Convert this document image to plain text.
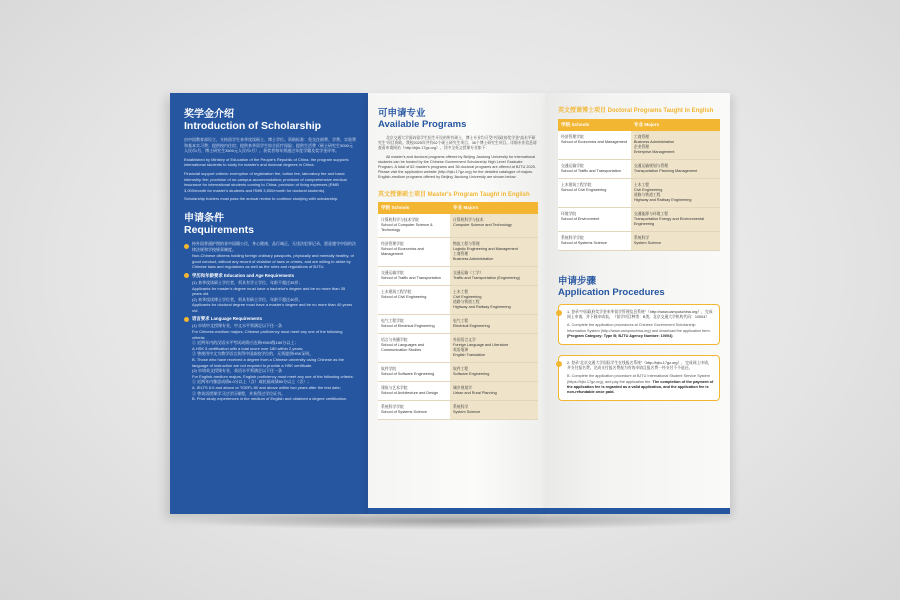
奖学金介绍
Introduction of Scholarship

由中国教育部设立，支持留学生来华攻读硕士、博士学位。资助标准：免交注册费、学费、实验费和基本实习费；提供校内住宿；提供来华留学生综合医疗保险；提供生活费（硕士研究生3000元人民币/月，博士研究生3500元人民币/月）。获奖者每年须通过年度学籍及奖学金评审。

Established by Ministry of Education of the People's Republic of China, the program supports international students to study for master's and doctoral degrees in China.

Financial support criteria: exemption of registration fee, tuition fee, laboratory fee and basic internship fee; provision of on-campus accommodation; provision of comprehensive medical insurance for international students coming to China; provision of living expenses (RMB 3,000/month for master's students and RMB 3,500/month for doctoral students).

Scholarship holders must pass the annual review to continue studying with scholarship.

申请条件
Requirements
持外国普通护照的非中国籍公民，身心健康，品行端正，无违法犯罪记录，愿意遵守中国的法律法规和学校规章制度。

Non-Chinese citizens holding foreign ordinary passports, physically and mentally healthy, of good conduct, without any record of violation of laws or crimes, and are willing to abide by Chinese laws and regulations as well as the rules and regulations of BJTU.

学历和年龄要求 Education and Age Requirements

(1) 来华攻读硕士学位者，须具有学士学位，年龄不超过35岁；

Applicants for master's degree must have a bachelor's degree and be no more than 35 years old.

(2) 来华攻读博士学位者，须具有硕士学位，年龄不超过40岁。

Applicants for doctoral degree must have a master's degree and be no more than 40 years old.

语言要求 Language Requirements

(1) 申请中文授课专业，中文水平须满足以下任一条

For Chinese-medium majors, Chinese proficiency must meet any one of the following criteria:

① 近两年内的汉语水平考试成绩应达到HSK5级180分以上；

A.HSK 5 certification with a total score over 180 within 2 years;

② 曾使用中文为教学语言获得中国高校学位的，无须提供HSK证明。

B. Those who have received a degree from a Chinese university using Chinese as the language of instruction are not required to provide a HSK certificate.

(2) 申请英文授课专业，英语水平须满足以下任一条

For English-medium majors, English proficiency must meet any one of the following criteria:

① 近两年内雅思成绩6.0分以上（含）或托福成绩80分以上（含）；

A. IELTS 6.0 and above or TOEFL 80 and above within two years after the test date;

② 曾英语授课学习过学历课程，并获得过学位证书。

B. Prior study experiences in the medium of English and obtained a degree certification.

可申请专业
Available Programs

北京交通大学面向留学生招生开设的所有硕士、博士专业均可受中国政府奖学金"高水平研究生"项目资助。我校2025年共有62个硕士研究生项目、36个博士研究生项目。详细专业信息请查看申请网站（http://bjtu.17gz.org），其中全英文授课专业如下：

All master's and doctoral programs offered by Beijing Jiaotong University for international students can be funded by the Chinese Government Scholarship High Level Graduate Program. A total of 62 master's programs and 36 doctoral programs are offered at BJTU 2025. Please visit the application website (http://bjtu.17gz.org) for the detailed catalogue of majors. English-medium programs offered by Beijing Jiaotong University are shown below:

英文授课硕士项目 Master's Program Taught in English
学院 Schools	专业 Majors
计算机科学与技术学院
School of Computer Science & Technology	计算机科学与技术
Computer Science and Technology
经济管理学院
School of Economics and Management	物流工程与管理
Logistic Engineering and Management
工商管理
Business Administration
交通运输学院
School of Traffic and Transportation	交通运输（工学）
Traffic and Transportation (Engineering)
土木建筑工程学院
School of Civil Engineering	土木工程
Civil Engineering
道路与铁道工程
Highway and Railway Engineering
电气工程学院
School of Electrical Engineering	电气工程
Electrical Engineering
语言与传播学院
School of Languages and Communication Studies	外国语言文学
Foreign Language and Literature
英语笔译
English Translation
软件学院
School of Software Engineering	软件工程
Software Engineering
建筑与艺术学院
School of Architecture and Design	城乡规划学
Urban and Rural Planning
系统科学学院
School of Systems Science	系统科学
System Science
英文授课博士项目 Doctoral Programs Taught in English
学院 Schools	专业 Majors
经济管理学院
School of Economics and Management	工商管理
Business Administration
企业管理
Enterprise Management
交通运输学院
School of Traffic and Transportation	交通运输规划与管理
Transportation Planning Management
土木建筑工程学院
School of Civil Engineering	土木工程
Civil Engineering
道路与铁道工程
Highway and Railway Engineering
环境学院
School of Environment	交通能源与环境工程
Transportation Energy and Environmental Engineering
系统科学学院
School of Systems Science	系统科学
System Science
申请步骤
Application Procedures

1. 登录"中国政府奖学金来华留学管理信息系统"（http://www.campuschina.org），完成网上申请，并下载申请表。（留学项目种类：B类，北京交通大学机构代码：10004）

A. Complete the application procedures at Chinese Government Scholarship Information System (http://www.campuschina.org) and download the application form.

(Program Category: Type B; BJTU Agency Number: 10004)

2. 登录"北京交通大学国际学生在线报名系统"（http://bjtu.17gz.org），完成网上申请，并支付报名费。完成支付报名费视为有效申请且报名费一经支付不予退还。

B. Complete the application procedure at BJTU International Student Service System (https://bjtu.17gz.org), and pay the application fee. The completion of the payment of the application fee is regarded as a valid application, and the application fee is non-refundable once paid.
